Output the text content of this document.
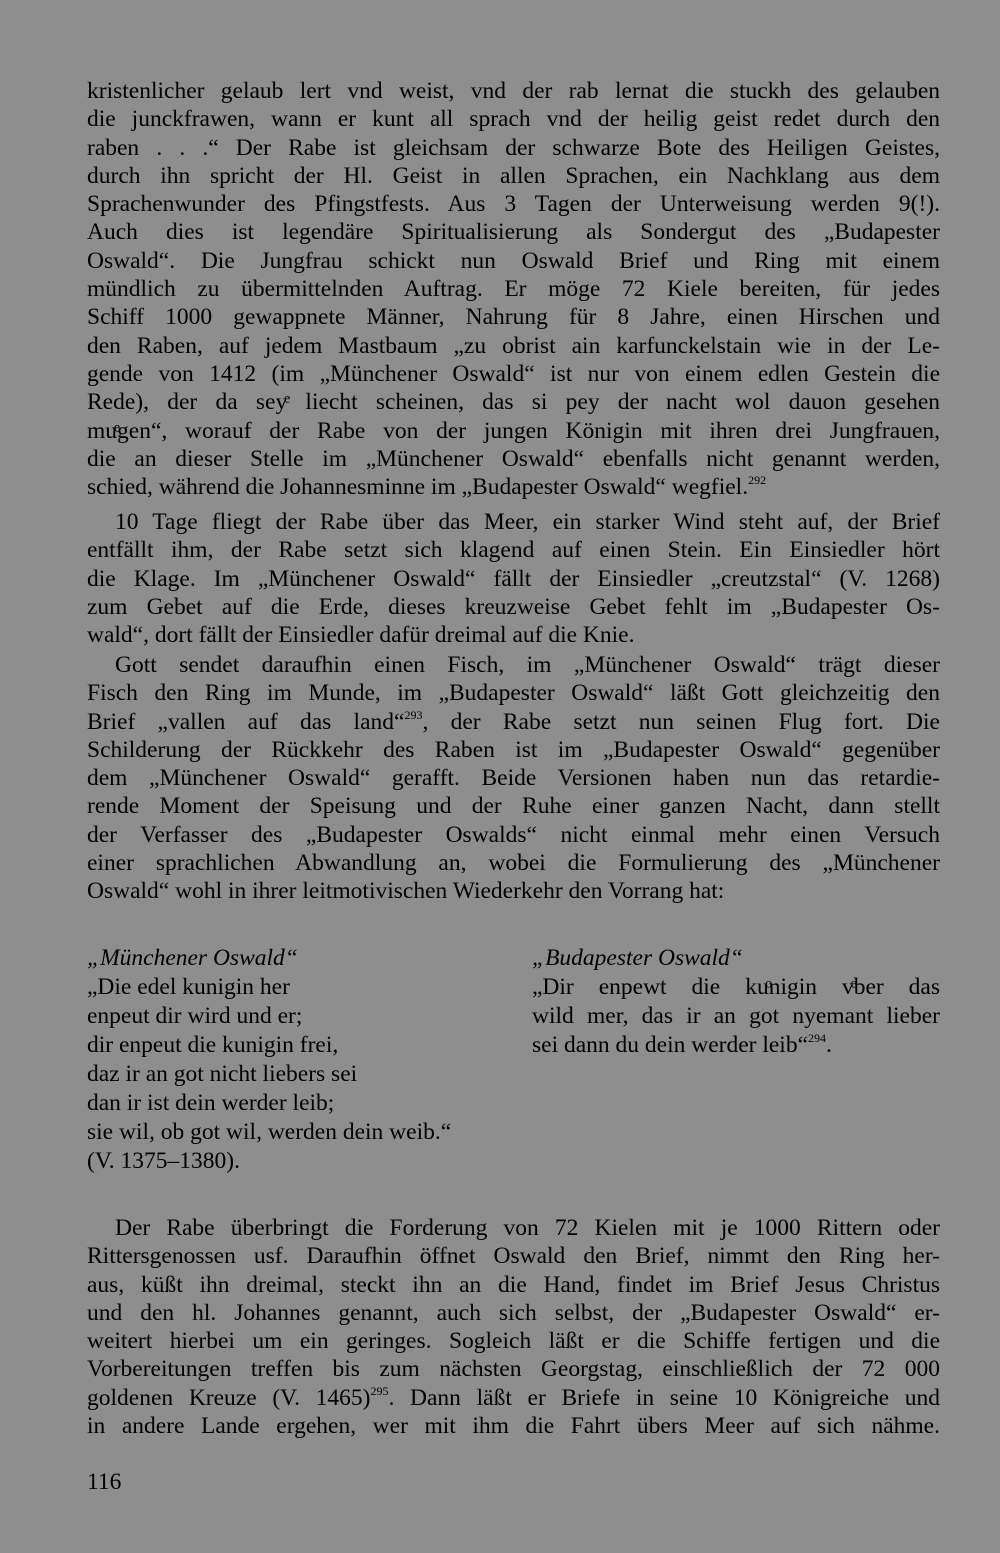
kristenlicher gelaub lert vnd weist, vnd der rab lernat die stuckh des gelauben
die junckfrawen, wann er kunt all sprach vnd der heilig geist redet durch den
raben . . .“ Der Rabe ist gleichsam der schwarze Bote des Heiligen Geistes,
durch ihn spricht der Hl. Geist in allen Sprachen, ein Nachklang aus dem
Sprachenwunder des Pfingstfests. Aus 3 Tagen der Unterweisung werden 9(!).
Auch dies ist legendäre Spiritualisierung als Sondergut des „Budapester
Oswald“. Die Jungfrau schickt nun Oswald Brief und Ring mit einem
mündlich zu übermittelnden Auftrag. Er möge 72 Kiele bereiten, für jedes
Schiff 1000 gewappnete Männer, Nahrung für 8 Jahre, einen Hirschen und
den Raben, auf jedem Mastbaum „zu obrist ain karfunckelstain wie in der Le-
gende von 1412 (im „Münchener Oswald“ ist nur von einem edlen Gestein die
Rede), der da seyͤ liecht scheinen, das si pey der nacht wol dauon gesehen
muͤgen“, worauf der Rabe von der jungen Königin mit ihren drei Jungfrauen,
die an dieser Stelle im „Münchener Oswald“ ebenfalls nicht genannt werden,
schied, während die Johannesminne im „Budapester Oswald“ wegfiel.$^{292}$
10 Tage fliegt der Rabe über das Meer, ein starker Wind steht auf, der Brief
entfällt ihm, der Rabe setzt sich klagend auf einen Stein. Ein Einsiedler hört
die Klage. Im „Münchener Oswald“ fällt der Einsiedler „creutzstal“ (V. 1268)
zum Gebet auf die Erde, dieses kreuzweise Gebet fehlt im „Budapester Os-
wald“, dort fällt der Einsiedler dafür dreimal auf die Knie.
Gott sendet daraufhin einen Fisch, im „Münchener Oswald“ trägt dieser
Fisch den Ring im Munde, im „Budapester Oswald“ läßt Gott gleichzeitig den
Brief „vallen auf das land“$^{293}$, der Rabe setzt nun seinen Flug fort. Die
Schilderung der Rückkehr des Raben ist im „Budapester Oswald“ gegenüber
dem „Münchener Oswald“ gerafft. Beide Versionen haben nun das retardie-
rende Moment der Speisung und der Ruhe einer ganzen Nacht, dann stellt
der Verfasser des „Budapester Oswalds“ nicht einmal mehr einen Versuch
einer sprachlichen Abwandlung an, wobei die Formulierung des „Münchener
Oswald“ wohl in ihrer leitmotivischen Wiederkehr den Vorrang hat:
„Münchener Oswald“
„Die edel kunigin her
enpeut dir wird und er;
dir enpeut die kunigin frei,
daz ir an got nicht liebers sei
dan ir ist dein werder leib;
sie wil, ob got wil, werden dein weib.“
(V. 1375–1380).
„Budapester Oswald“
„Dir enpewt die kuͦnigin vͤber das
wild mer, das ir an got nyemant lieber
sei dann du dein werder leib“$^{294}$.
Der Rabe überbringt die Forderung von 72 Kielen mit je 1000 Rittern oder
Rittersgenossen usf. Daraufhin öffnet Oswald den Brief, nimmt den Ring her-
aus, küßt ihn dreimal, steckt ihn an die Hand, findet im Brief Jesus Christus
und den hl. Johannes genannt, auch sich selbst, der „Budapester Oswald“ er-
weitert hierbei um ein geringes. Sogleich läßt er die Schiffe fertigen und die
Vorbereitungen treffen bis zum nächsten Georgstag, einschließlich der 72 000
goldenen Kreuze (V. 1465)$^{295}$. Dann läßt er Briefe in seine 10 Königreiche und
in andere Lande ergehen, wer mit ihm die Fahrt übers Meer auf sich nähme.
116
